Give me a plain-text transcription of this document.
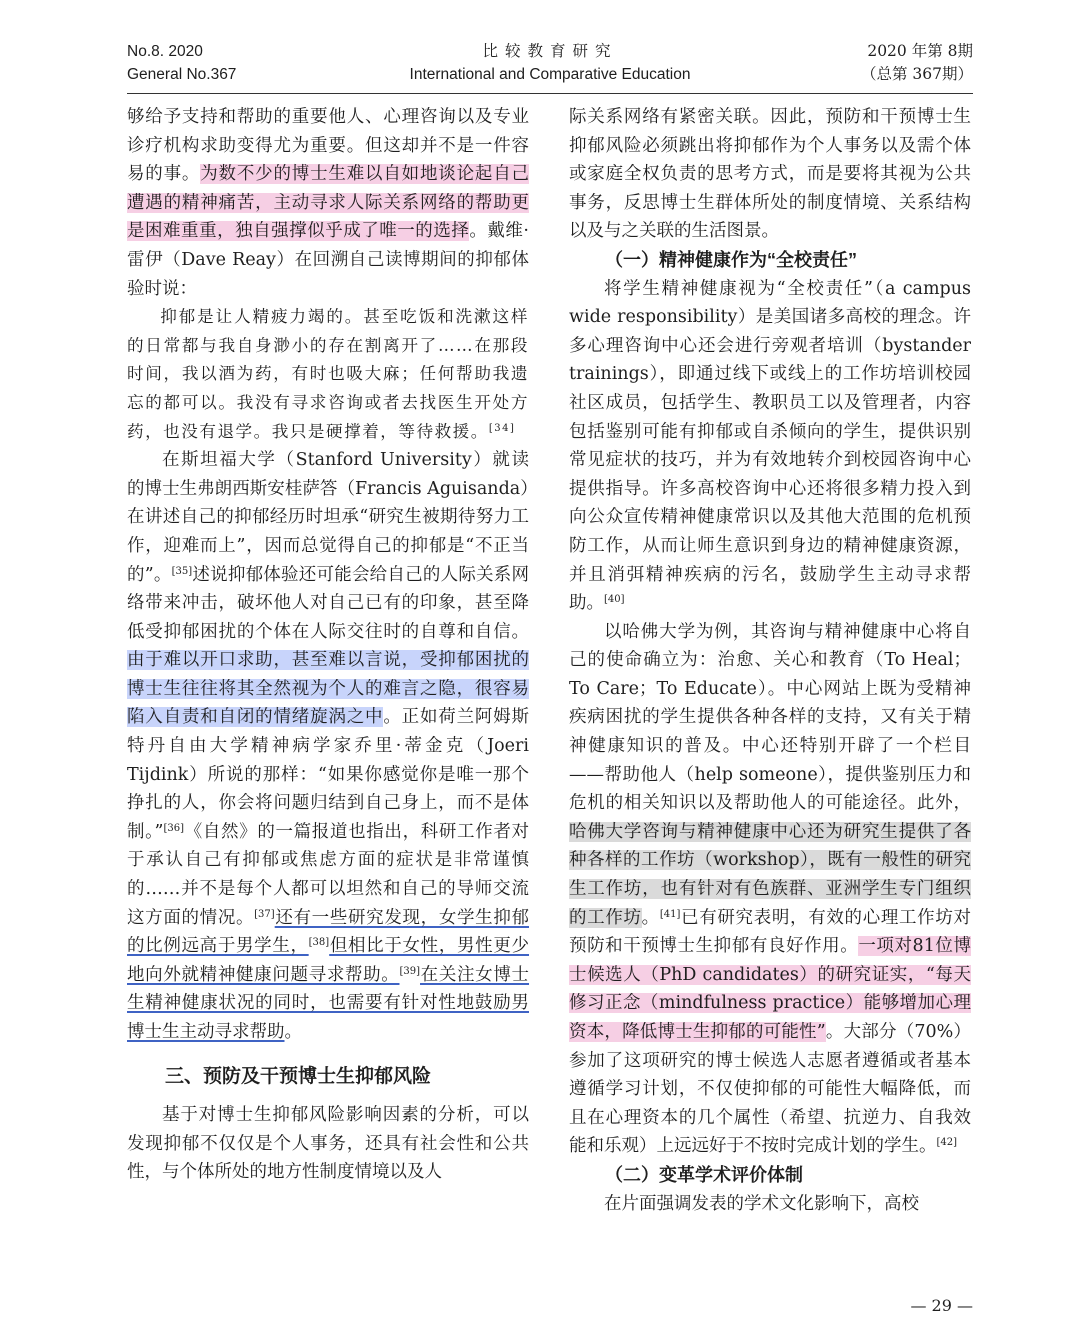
No.8. 2020
General No.367
比较教育研究
International and Comparative Education
2020 年第 8期
（总第 367期）

够给予支持和帮助的重要他人、心理咨询以及专业诊疗机构求助变得尤为重要。但这却并不是一件容易的事。为数不少的博士生难以自如地谈论起自己遭遇的精神痛苦，主动寻求人际关系网络的帮助更是困难重重，独自强撑似乎成了唯一的选择。戴维·雷伊（Dave Reay）在回溯自己读博期间的抑郁体验时说：

抑郁是让人精疲力竭的。甚至吃饭和洗漱这样的日常都与我自身渺小的存在割离开了……在那段时间，我以酒为药，有时也吸大麻；任何帮助我遗忘的都可以。我没有寻求咨询或者去找医生开处方药，也没有退学。我只是硬撑着，等待救援。[34]

在斯坦福大学（Stanford University）就读的博士生弗朗西斯安桂萨答（Francis Aguisanda）在讲述自己的抑郁经历时坦承“研究生被期待努力工作，迎难而上”，因而总觉得自己的抑郁是“不正当的”。[35]述说抑郁体验还可能会给自己的人际关系网络带来冲击，破坏他人对自己已有的印象，甚至降低受抑郁困扰的个体在人际交往时的自尊和自信。由于难以开口求助，甚至难以言说，受抑郁困扰的博士生往往将其全然视为个人的难言之隐，很容易陷入自责和自闭的情绪旋涡之中。正如荷兰阿姆斯特丹自由大学精神病学家乔里·蒂金克（Joeri Tijdink）所说的那样：“如果你感觉你是唯一那个挣扎的人，你会将问题归结到自己身上，而不是体制。”[36]《自然》的一篇报道也指出，科研工作者对于承认自己有抑郁或焦虑方面的症状是非常谨慎的……并不是每个人都可以坦然和自己的导师交流这方面的情况。[37]还有一些研究发现，女学生抑郁的比例远高于男学生，[38]但相比于女性，男性更少地向外就精神健康问题寻求帮助。[39]在关注女博士生精神健康状况的同时，也需要有针对性地鼓励男博士生主动寻求帮助。

三、预防及干预博士生抑郁风险

基于对博士生抑郁风险影响因素的分析，可以发现抑郁不仅仅是个人事务，还具有社会性和公共性，与个体所处的地方性制度情境以及人

际关系网络有紧密关联。因此，预防和干预博士生抑郁风险必须跳出将抑郁作为个人事务以及需个体或家庭全权负责的思考方式，而是要将其视为公共事务，反思博士生群体所处的制度情境、关系结构以及与之关联的生活图景。

（一）精神健康作为“全校责任”

将学生精神健康视为“全校责任”（a campus wide responsibility）是美国诸多高校的理念。许多心理咨询中心还会进行旁观者培训（bystander trainings），即通过线下或线上的工作坊培训校园社区成员，包括学生、教职员工以及管理者，内容包括鉴别可能有抑郁或自杀倾向的学生，提供识别常见症状的技巧，并为有效地转介到校园咨询中心提供指导。许多高校咨询中心还将很多精力投入到向公众宣传精神健康常识以及其他大范围的危机预防工作，从而让师生意识到身边的精神健康资源，并且消弭精神疾病的污名，鼓励学生主动寻求帮助。[40]

以哈佛大学为例，其咨询与精神健康中心将自己的使命确立为：治愈、关心和教育（To Heal；To Care；To Educate）。中心网站上既为受精神疾病困扰的学生提供各种各样的支持，又有关于精神健康知识的普及。中心还特别开辟了一个栏目——帮助他人（help someone），提供鉴别压力和危机的相关知识以及帮助他人的可能途径。此外，哈佛大学咨询与精神健康中心还为研究生提供了各种各样的工作坊（workshop），既有一般性的研究生工作坊，也有针对有色族群、亚洲学生专门组织的工作坊。[41]已有研究表明，有效的心理工作坊对预防和干预博士生抑郁有良好作用。一项对81位博士候选人（PhD candidates）的研究证实，“每天修习正念（mindfulness practice）能够增加心理资本，降低博士生抑郁的可能性”。大部分（70%）参加了这项研究的博士候选人志愿者遵循或者基本遵循学习计划，不仅使抑郁的可能性大幅降低，而且在心理资本的几个属性（希望、抗逆力、自我效能和乐观）上远远好于不按时完成计划的学生。[42]

（二）变革学术评价体制

在片面强调发表的学术文化影响下，高校

— 29 —
